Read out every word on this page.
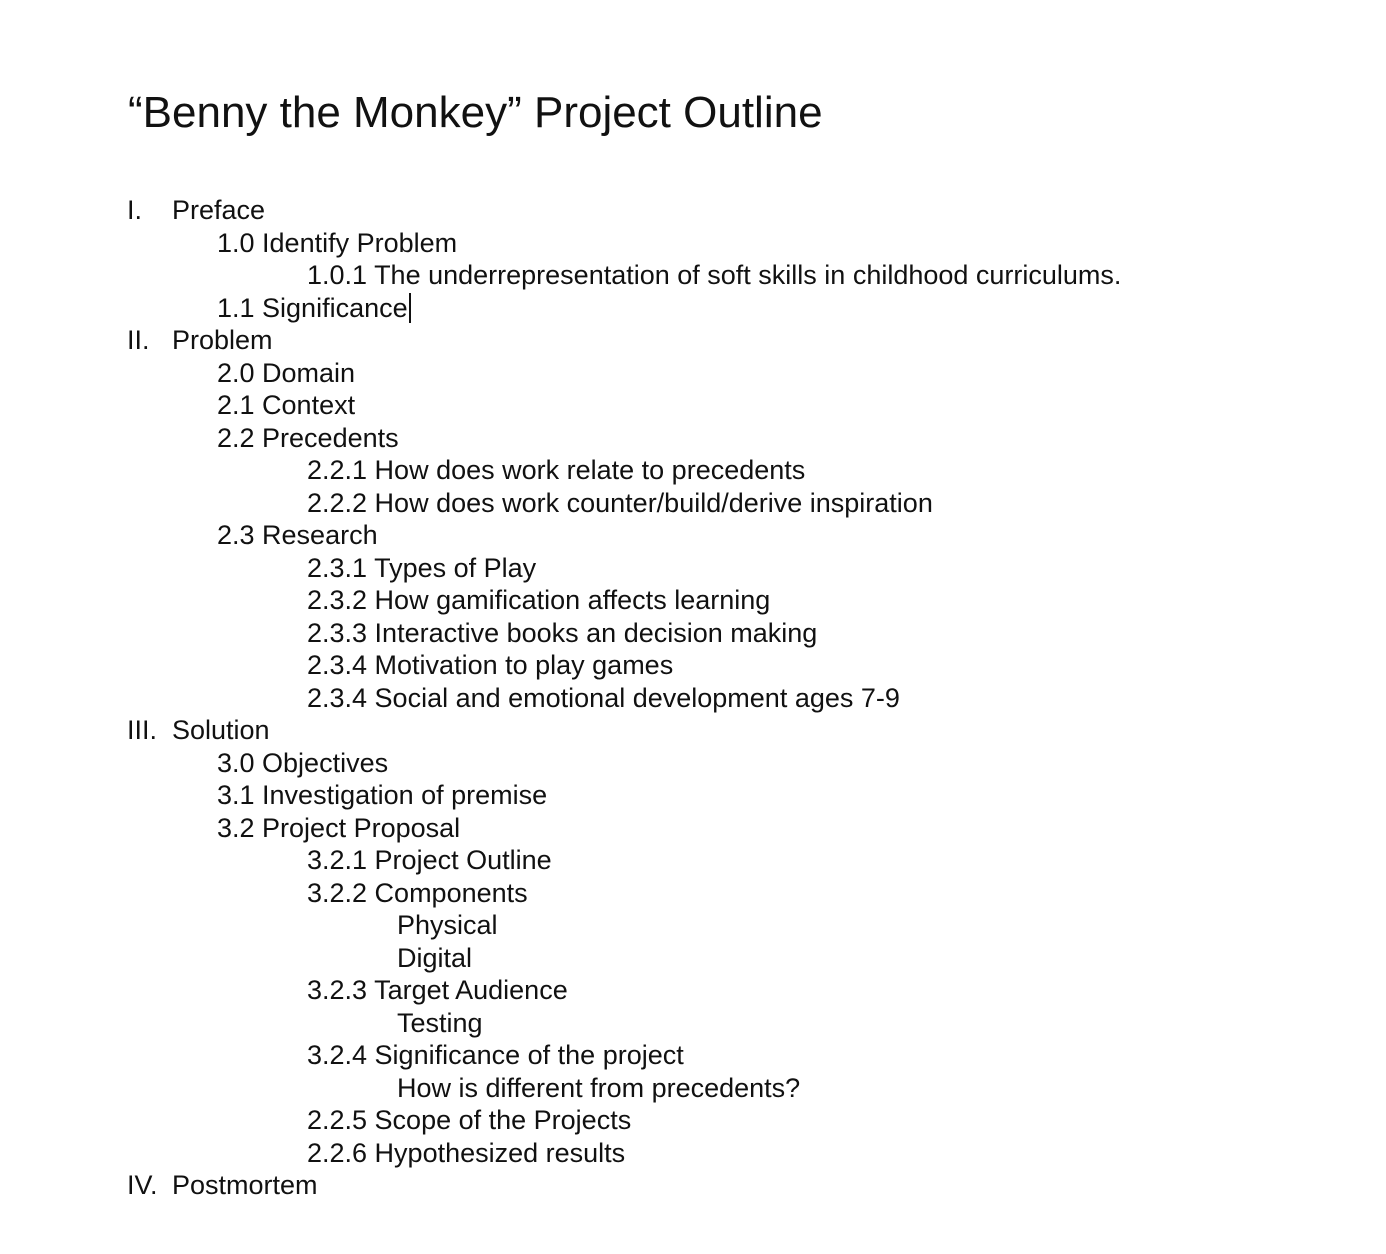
“Benny the Monkey” Project Outline
I. Preface
1.0 Identify Problem
1.0.1 The underrepresentation of soft skills in childhood curriculums.
1.1 Significance
II. Problem
2.0 Domain
2.1 Context
2.2 Precedents
2.2.1 How does work relate to precedents
2.2.2 How does work counter/build/derive inspiration
2.3 Research
2.3.1 Types of Play
2.3.2 How gamification affects learning
2.3.3 Interactive books an decision making
2.3.4 Motivation to play games
2.3.4 Social and emotional development ages 7-9
III. Solution
3.0 Objectives
3.1 Investigation of premise
3.2 Project Proposal
3.2.1 Project Outline
3.2.2 Components
Physical
Digital
3.2.3 Target Audience
Testing
3.2.4 Significance of the project
How is different from precedents?
2.2.5 Scope of the Projects
2.2.6 Hypothesized results
IV. Postmortem
